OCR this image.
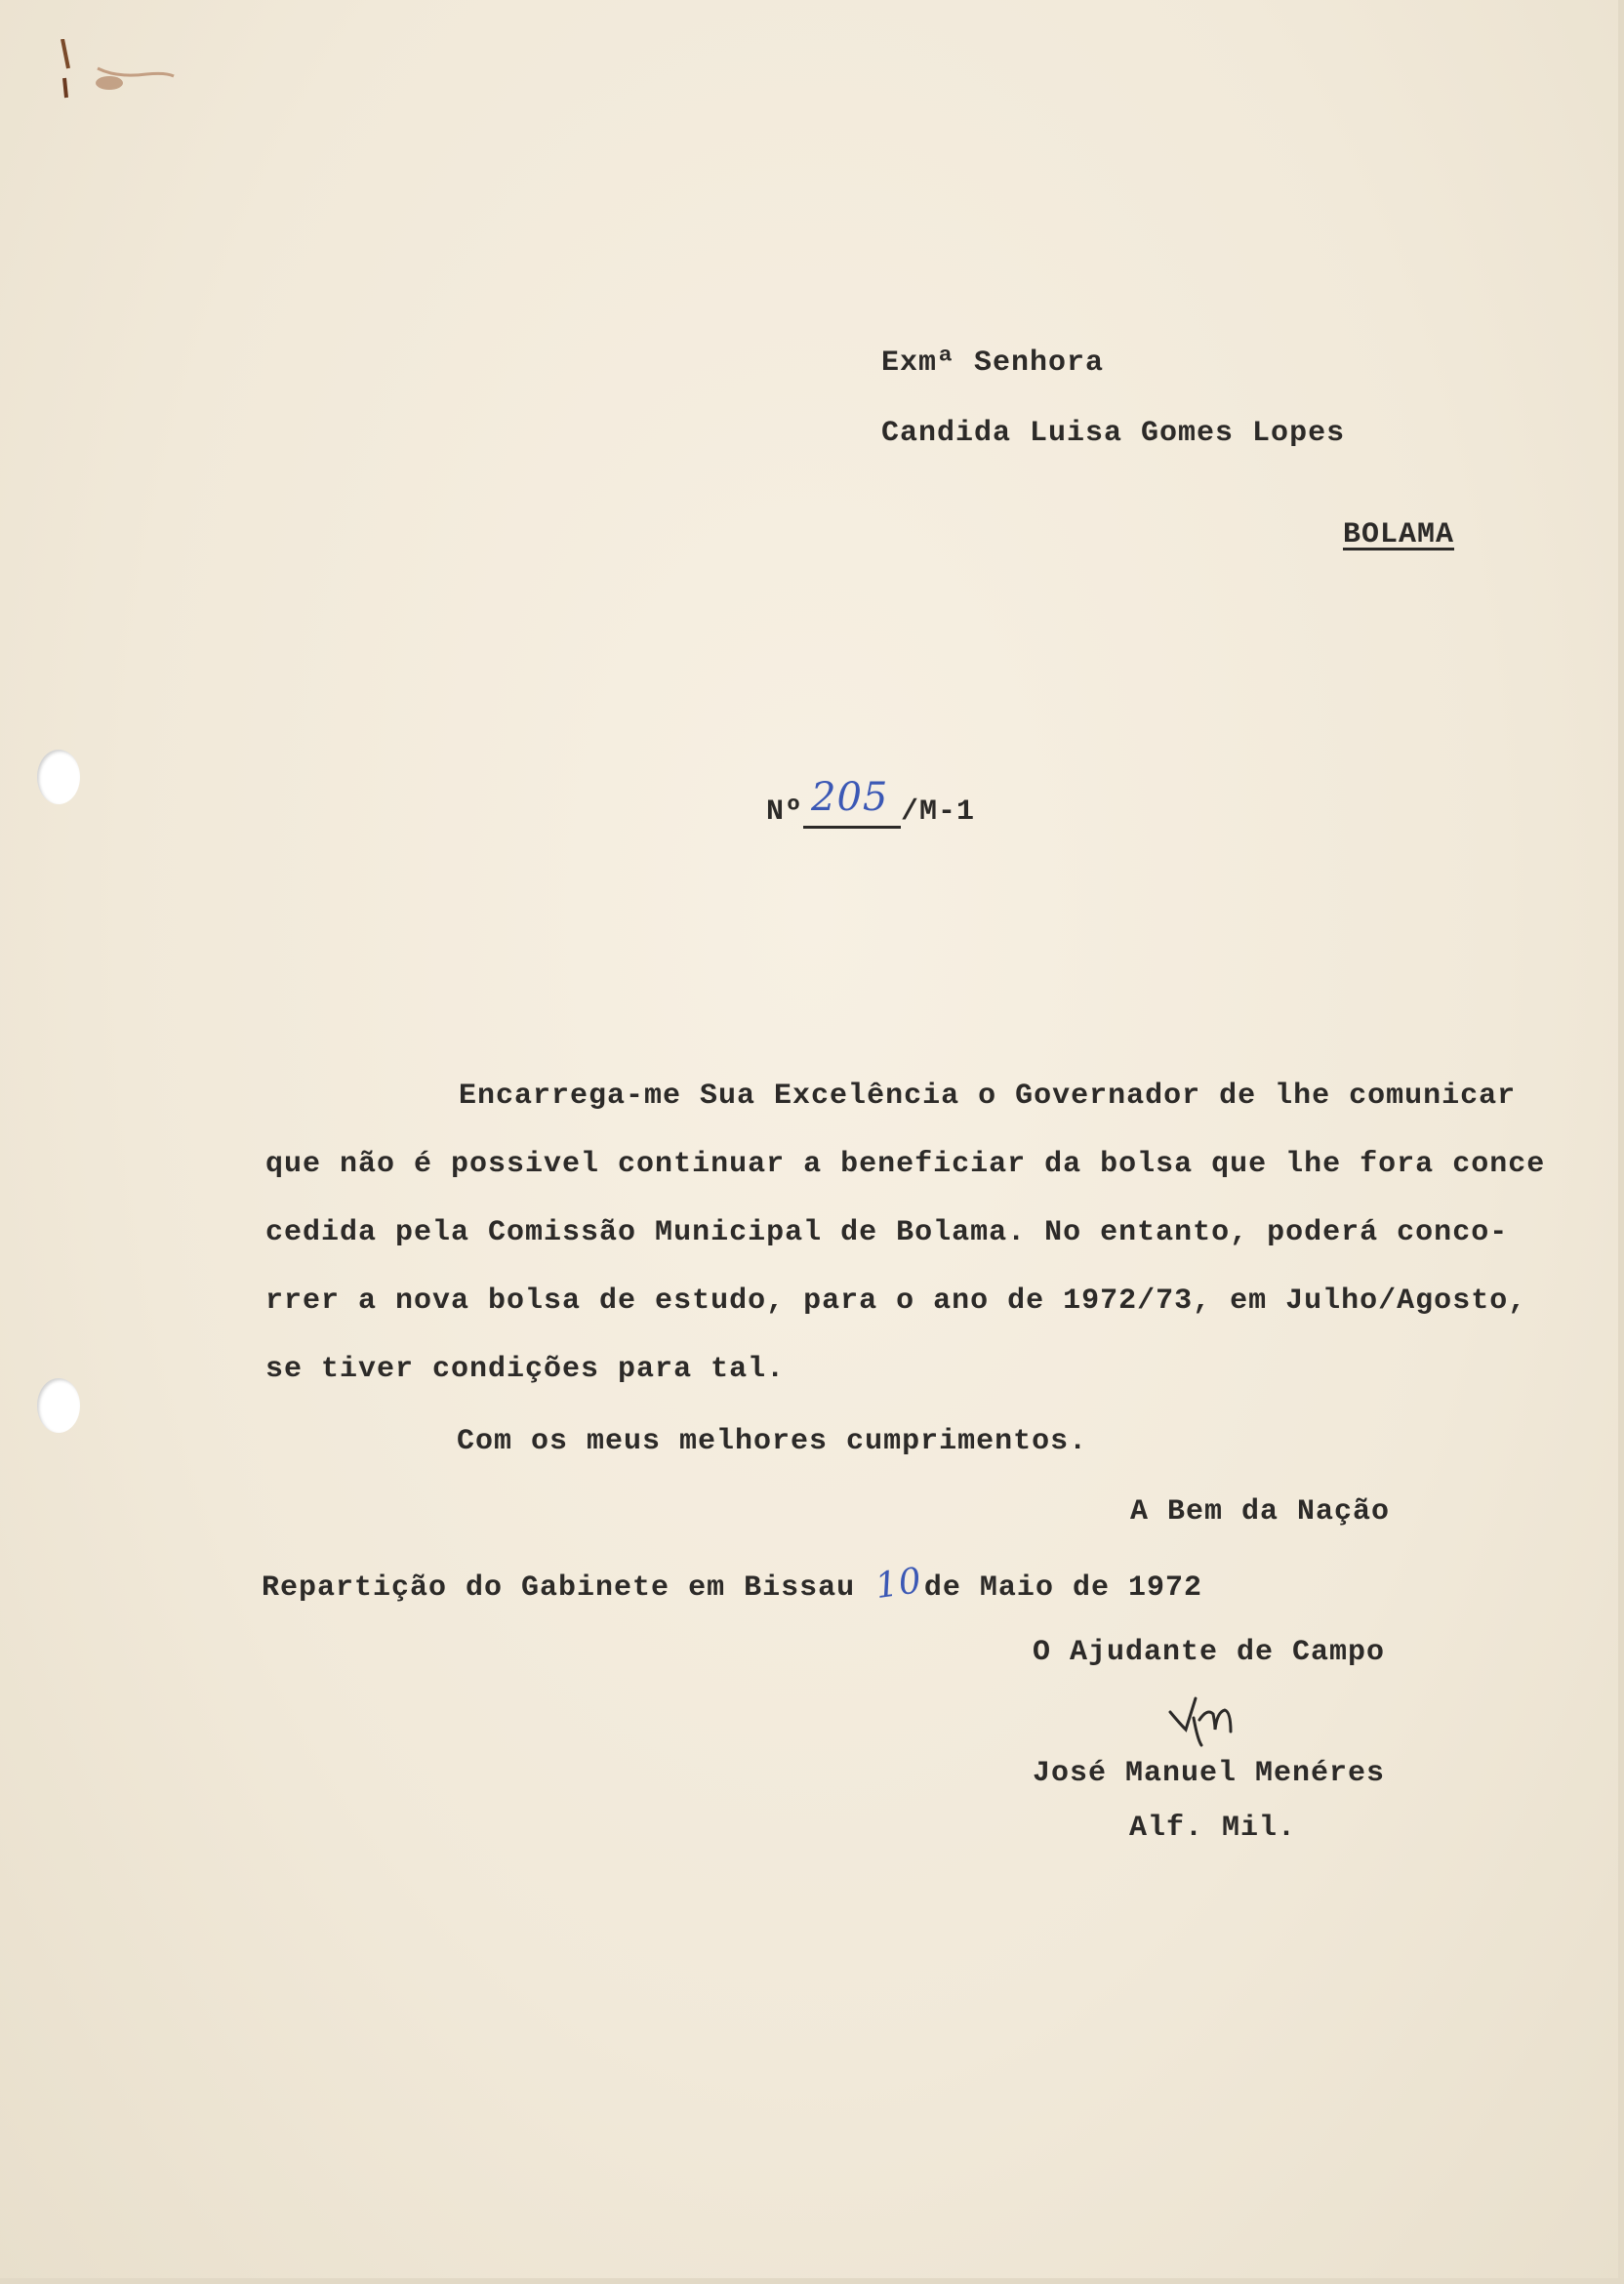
Exmª Senhora
Candida Luisa Gomes Lopes
BOLAMA
Nº 205 /M-1
Encarrega-me Sua Excelência o Governador de lhe comunicar
que não é possivel continuar a beneficiar da bolsa que lhe fora conce
cedida pela Comissão Municipal de Bolama. No entanto, poderá conco-
rrer a nova bolsa de estudo, para o ano de 1972/73, em Julho/Agosto,
se tiver condições para tal.
Com os meus melhores cumprimentos.
A Bem da Nação
Repartição do Gabinete em Bissau 10de Maio de 1972
O Ajudante de Campo
José Manuel Menéres
Alf. Mil.
